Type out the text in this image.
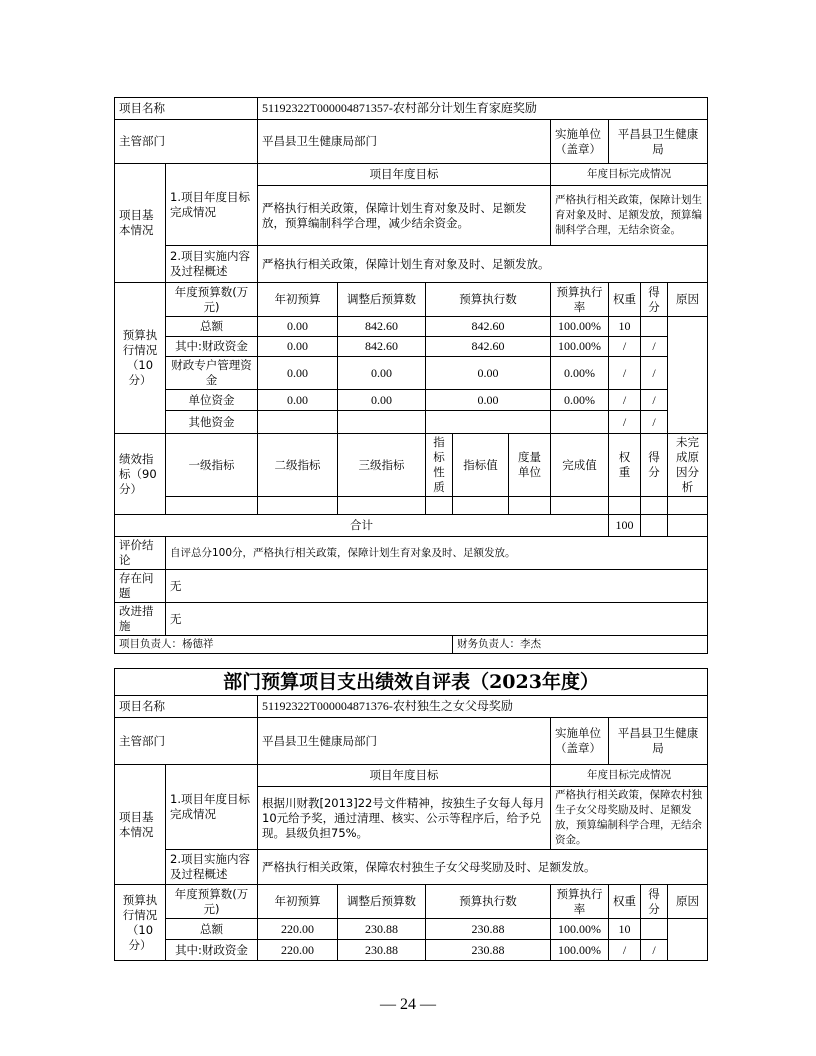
项目名称		51192322T000004871357-农村部分计划生育家庭奖励								
主管部门		平昌县卫生健康局部门					实施单位（盖章）	平昌县卫生健康局		
项目基本情况	1.项目年度目标完成情况	项目年度目标					年度目标完成情况			
		严格执行相关政策，保障计划生育对象及时、足额发放，预算编制科学合理，减少结余资金。					严格执行相关政策，保障计划生育对象及时、足额发放，预算编制科学合理，无结余资金。			
	2.项目实施内容及过程概述	严格执行相关政策，保障计划生育对象及时、足额发放。								
预算执行情况（10分）	年度预算数(万元)	年初预算	调整后预算数	预算执行数			预算执行率	权重	得分	原因
	总额	0.00	842.60	842.60			100.00%	10		
	其中:财政资金	0.00	842.60	842.60			100.00%	/	/	
	财政专户管理资金	0.00	0.00	0.00			0.00%	/	/	
	单位资金	0.00	0.00	0.00			0.00%	/	/	
	其他资金							/	/	
绩效指标（90分）	一级指标	二级指标	三级指标	指标性质	指标值	度量单位	完成值	权重	得分	未完成原因分析

合计								100		
评价结论	自评总分100分，严格执行相关政策，保障计划生育对象及时、足额发放。									
存在问题	无									
改进措施	无									
项目负责人：杨德祥					财务负责人：李杰					
部门预算项目支出绩效自评表（2023年度）								
项目名称		51192322T000004871376-农村独生之女父母奖励						
主管部门		平昌县卫生健康局部门			实施单位（盖章）	平昌县卫生健康局		
项目基本情况	1.项目年度目标完成情况	项目年度目标			年度目标完成情况			
		根据川财教[2013]22号文件精神，按独生子女每人每月10元给予奖，通过清理、核实、公示等程序后，给予兑现。县级负担75%。			严格执行相关政策，保障农村独生子女父母奖励及时、足额发放，预算编制科学合理，无结余资金。			
	2.项目实施内容及过程概述	严格执行相关政策，保障农村独生子女父母奖励及时、足额发放。						
预算执行情况（10分）	年度预算数(万元)	年初预算	调整后预算数	预算执行数	预算执行率	权重	得分	原因
	总额	220.00	230.88	230.88	100.00%	10		
	其中:财政资金	220.00	230.88	230.88	100.00%	/	/	
— 24 —
